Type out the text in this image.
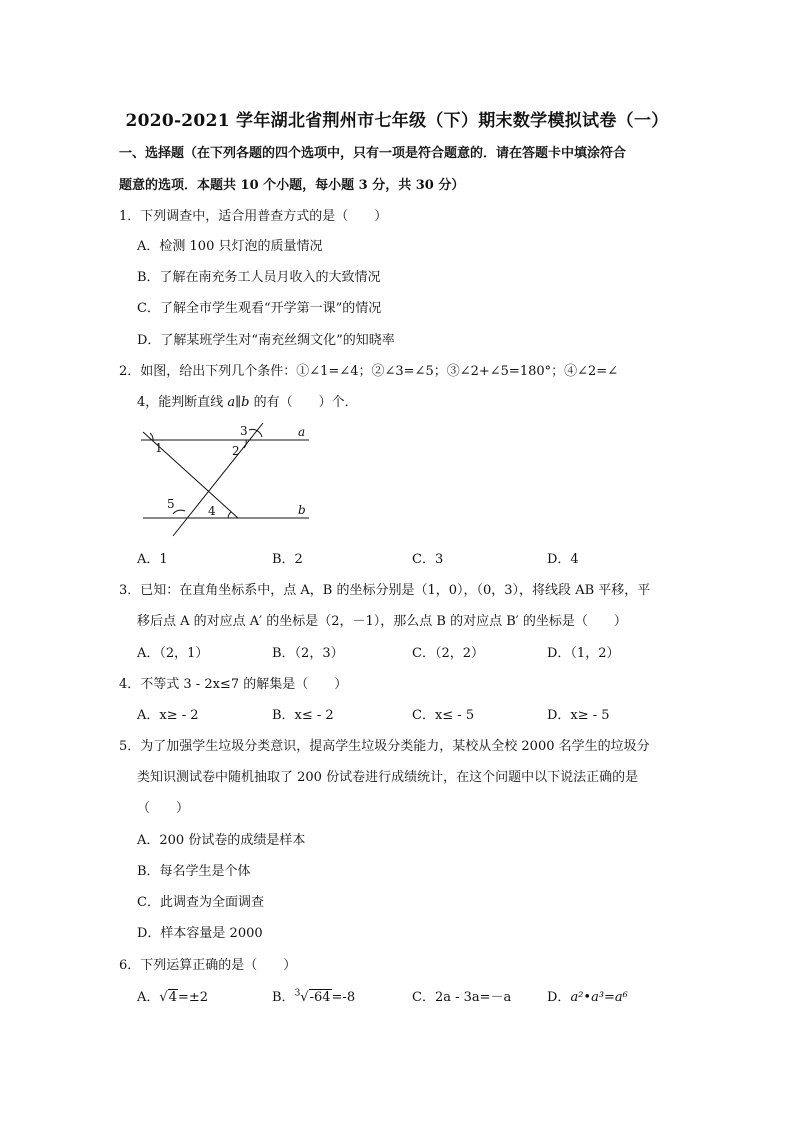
2020-2021 学年湖北省荆州市七年级（下）期末数学模拟试卷（一）
一、选择题（在下列各题的四个选项中，只有一项是符合题意的．请在答题卡中填涂符合
题意的选项．本题共 10 个小题，每小题 3 分，共 30 分）
1．下列调查中，适合用普查方式的是（　　）
A．检测 100 只灯泡的质量情况
B．了解在南充务工人员月收入的大致情况
C．了解全市学生观看“开学第一课”的情况
D．了解某班学生对“南充丝绸文化”的知晓率
2．如图，给出下列几个条件：①∠1=∠4；②∠3=∠5；③∠2+∠5=180°；④∠2=∠
4，能判断直线 a∥b 的有（　　）个．
1	2
3
4
5
a
b
A．1	B．2	C．3	D．4
3．已知：在直角坐标系中，点 A，B 的坐标分别是（1，0），（0，3），将线段 AB 平移，平
移后点 A 的对应点 A′ 的坐标是（2，－1），那么点 B 的对应点 B′ 的坐标是（　　）
A．（2，1）	B．（2，3）	C．（2，2）	D．（1，2）
4．不等式 3 - 2x≤7 的解集是（　　）
A．x≥ - 2	B．x≤ - 2	C．x≤ - 5	D．x≥ - 5
5．为了加强学生垃圾分类意识，提高学生垃圾分类能力，某校从全校 2000 名学生的垃圾分
类知识测试卷中随机抽取了 200 份试卷进行成绩统计，在这个问题中以下说法正确的是
（　　）
A．200 份试卷的成绩是样本
B．每名学生是个体
C．此调查为全面调查
D．样本容量是 2000
6．下列运算正确的是（　　）
A．√4=±2	B．$^3$√-64=-8	C．2a - 3a=－a	D．a²•a³=a⁶
